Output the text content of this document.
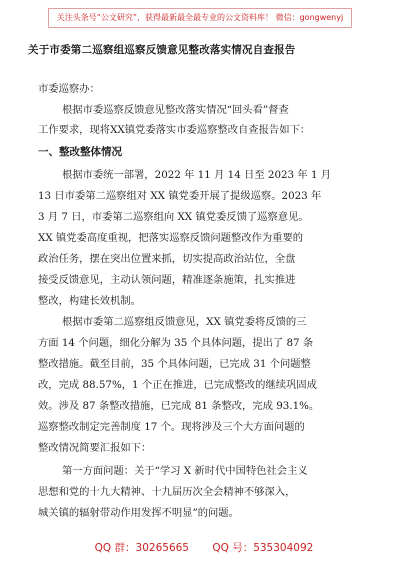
关注头条号“公文研究”，获得最新最全最专业的公文资料库！ 微信：gongwenyj
关于市委第二巡察组巡察反馈意见整改落实情况自查报告
市委巡察办：
根据市委巡察反馈意见整改落实情况“回头看”督查
工作要求，现将XX镇党委落实市委巡察整改自查报告如下：
一、整改整体情况
根据市委统一部署，2022 年 11 月 14 日至 2023 年 1 月
13 日市委第二巡察组对 XX 镇党委开展了提级巡察。2023 年
3 月 7 日，市委第二巡察组向 XX 镇党委反馈了巡察意见。
XX 镇党委高度重视，把落实巡察反馈问题整改作为重要的
政治任务，摆在突出位置来抓，切实提高政治站位，全盘
接受反馈意见，主动认领问题，精准逐条施策，扎实推进
整改，构建长效机制。
根据市委第二巡察组反馈意见，XX 镇党委将反馈的三
方面 14 个问题，细化分解为 35 个具体问题，提出了 87 条
整改措施。截至目前，35 个具体问题，已完成 31 个问题整
改，完成 88.57%，1 个正在推进，已完成整改的继续巩固成
效。涉及 87 条整改措施，已完成 81 条整改，完成 93.1%。
巡察整改制定完善制度 17 个。现将涉及三个大方面问题的
整改情况简要汇报如下：
第一方面问题：关于“学习 X 新时代中国特色社会主义
思想和党的十九大精神、十九届历次全会精神不够深入，
城关镇的辐射带动作用发挥不明显”的问题。
QQ 群：30265665 QQ 号：535304092
